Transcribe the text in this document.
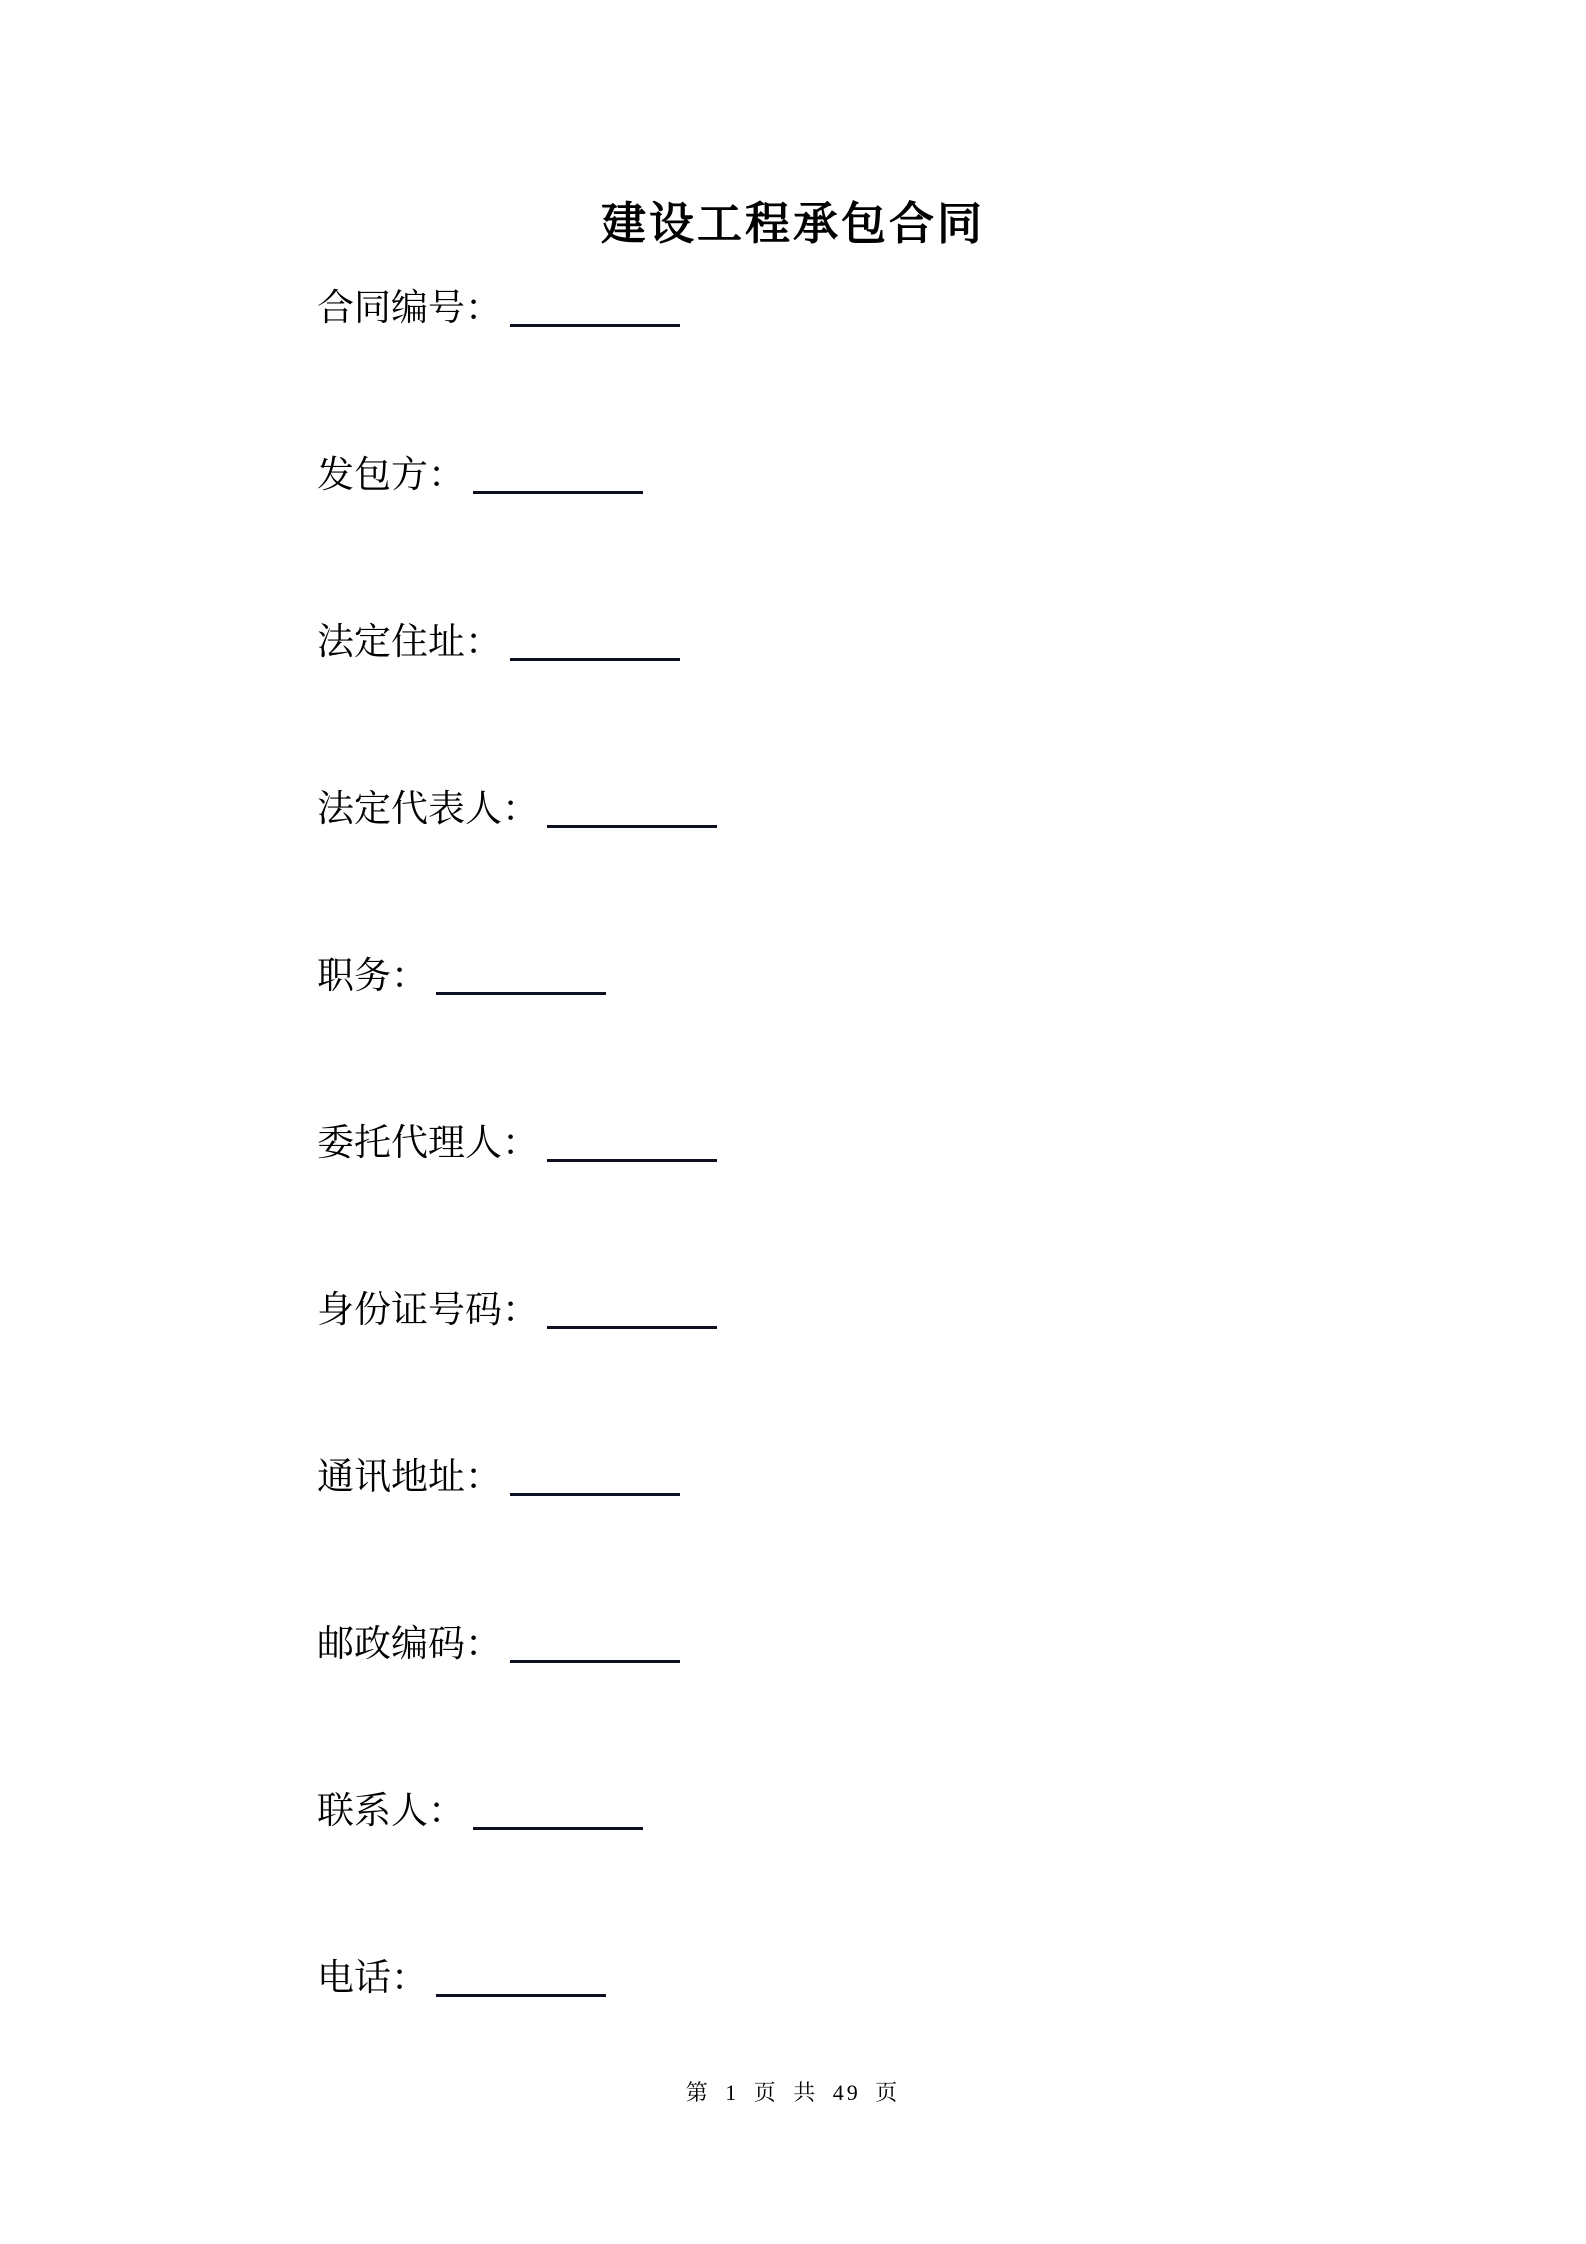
建设工程承包合同
合同编号：
发包方：
法定住址：
法定代表人：
职务：
委托代理人：
身份证号码：
通讯地址：
邮政编码：
联系人：
电话：
第 1 页 共 49 页
